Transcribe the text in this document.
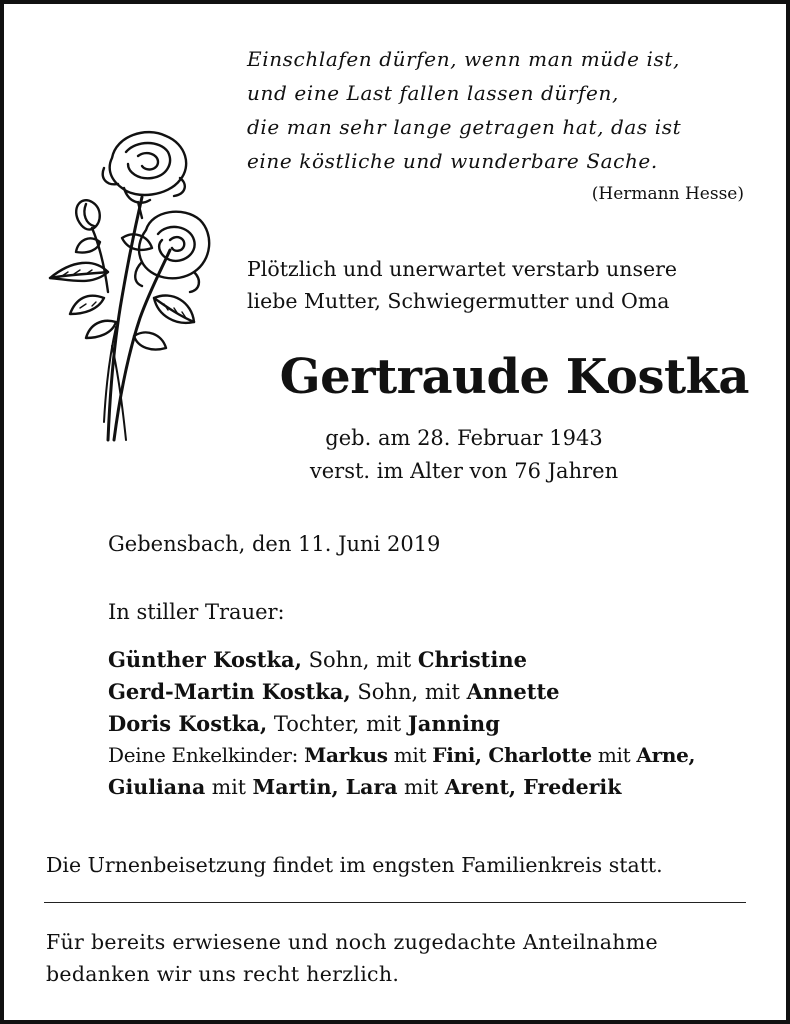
Einschlafen dürfen, wenn man müde ist,
und eine Last fallen lassen dürfen,
die man sehr lange getragen hat, das ist
eine köstliche und wunderbare Sache.
(Hermann Hesse)
Plötzlich und unerwartet verstarb unsere
liebe Mutter, Schwiegermutter und Oma
Gertraude Kostka
geb. am 28. Februar 1943
verst. im Alter von 76 Jahren
Gebensbach, den 11. Juni 2019
In stiller Trauer:
Günther Kostka, Sohn, mit Christine
Gerd-Martin Kostka, Sohn, mit Annette
Doris Kostka, Tochter, mit Janning
Deine Enkelkinder: Markus mit Fini, Charlotte mit Arne,
Giuliana mit Martin, Lara mit Arent, Frederik
Die Urnenbeisetzung findet im engsten Familienkreis statt.
Für bereits erwiesene und noch zugedachte Anteilnahme
bedanken wir uns recht herzlich.
